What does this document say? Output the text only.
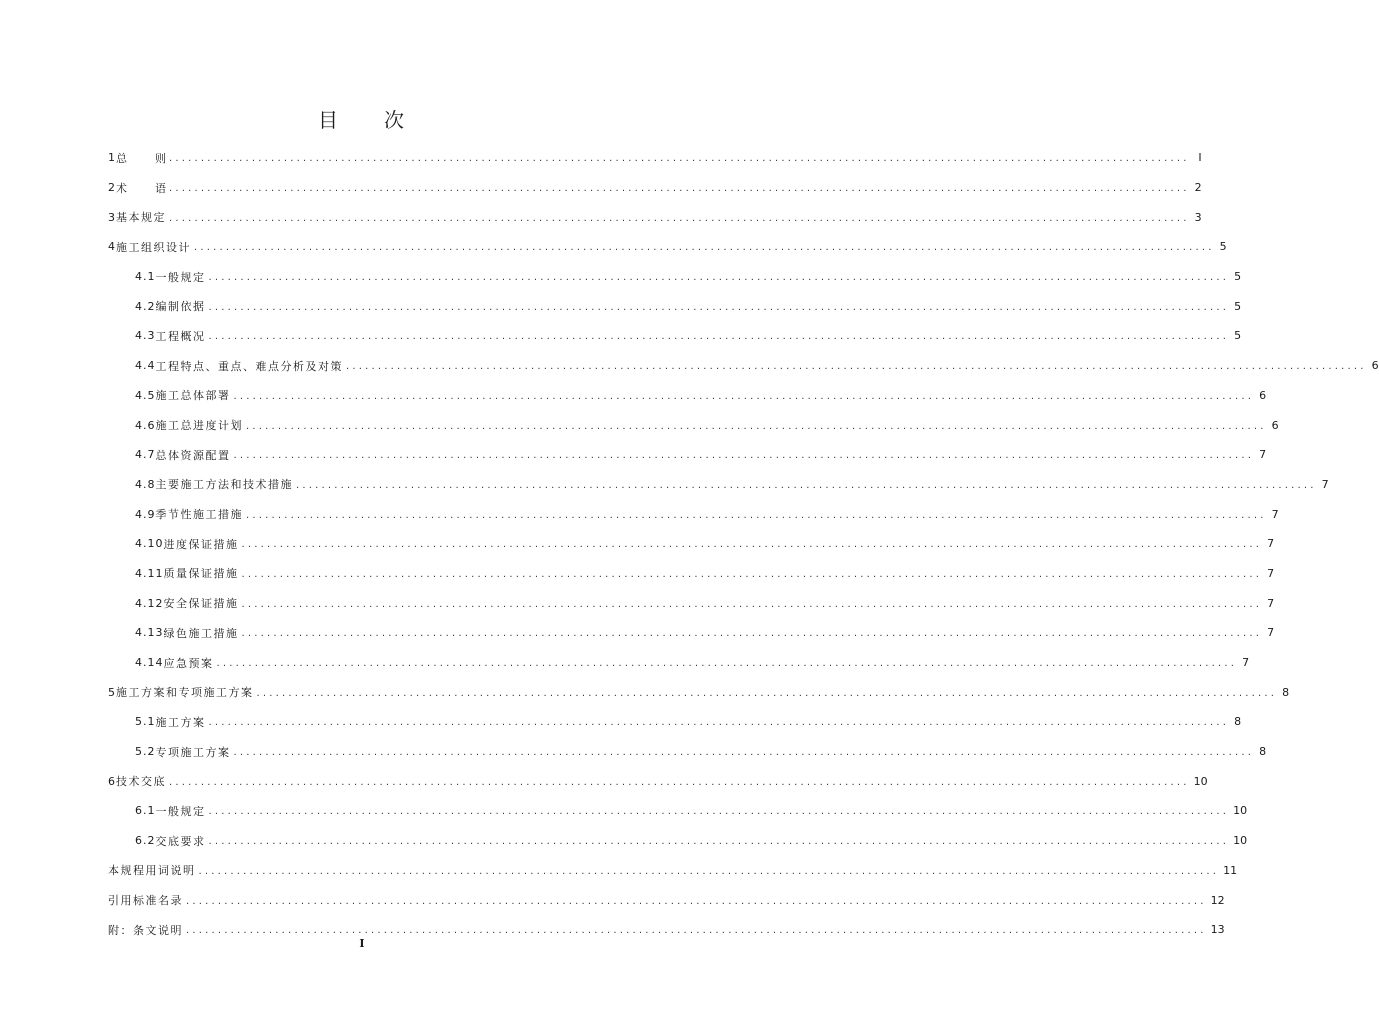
目 次
1 总	则 ................................................................................................................................................................ Ⅰ
2 术	语 ................................................................................................................................................................ 2
3 基本规定 ................................................................................................................................................................ 3
4 施工组织设计 ................................................................................................................................................................ 5
4.1 一般规定 ................................................................................................................................................................ 5
4.2 编制依据 ................................................................................................................................................................ 5
4.3 工程概况 ................................................................................................................................................................ 5
4.4 工程特点、重点、难点分析及对策 ................................................................................................................................................................ 6
4.5 施工总体部署 ................................................................................................................................................................ 6
4.6 施工总进度计划 ................................................................................................................................................................ 6
4.7 总体资源配置 ................................................................................................................................................................ 7
4.8 主要施工方法和技术措施 ................................................................................................................................................................ 7
4.9 季节性施工措施 ................................................................................................................................................................ 7
4.10 进度保证措施 ................................................................................................................................................................ 7
4.11 质量保证措施 ................................................................................................................................................................ 7
4.12 安全保证措施 ................................................................................................................................................................ 7
4.13 绿色施工措施 ................................................................................................................................................................ 7
4.14 应急预案 ................................................................................................................................................................ 7
5 施工方案和专项施工方案 ................................................................................................................................................................ 8
5.1 施工方案 ................................................................................................................................................................ 8
5.2 专项施工方案 ................................................................................................................................................................ 8
6 技术交底 ................................................................................................................................................................ 10
6.1 一般规定 ................................................................................................................................................................ 10
6.2 交底要求 ................................................................................................................................................................ 10
本规程用词说明 ................................................................................................................................................................ 11
引用标准名录 ................................................................................................................................................................ 12
附：条文说明 ................................................................................................................................................................ 13
I
